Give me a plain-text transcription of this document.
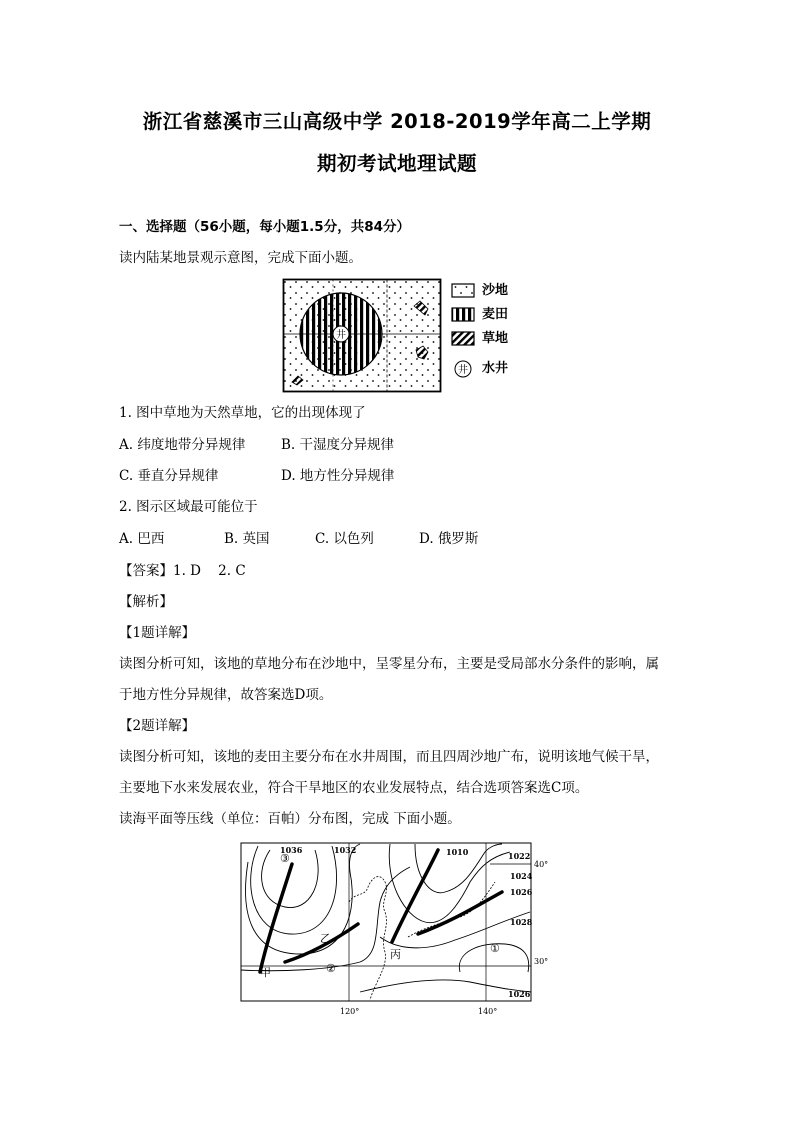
浙江省慈溪市三山高级中学 2018-2019学年高二上学期
期初考试地理试题
一、选择题（56小题，每小题1.5分，共84分）
读内陆某地景观示意图，完成下面小题。
井
井
沙地
麦田
草地
水井
1. 图中草地为天然草地，它的出现体现了
A. 纬度地带分异规律	B. 干湿度分异规律
C. 垂直分异规律	D. 地方性分异规律
2. 图示区域最可能位于
A. 巴西	B. 英国	C. 以色列	D. 俄罗斯
【答案】1. D    2. C
【解析】
【1题详解】
读图分析可知，该地的草地分布在沙地中，呈零星分布，主要是受局部水分条件的影响，属
于地方性分异规律，故答案选D项。
【2题详解】
读图分析可知，该地的麦田主要分布在水井周围，而且四周沙地广布，说明该地气候干旱，
主要地下水来发展农业，符合干旱地区的农业发展特点，结合选项答案选C项。
读海平面等压线（单位：百帕）分布图，完成 下面小题。
1036	1032	1010	1022
1024
1026
1028
1026
40°
30°
120°	140°
③
乙
甲	②
丙	①
